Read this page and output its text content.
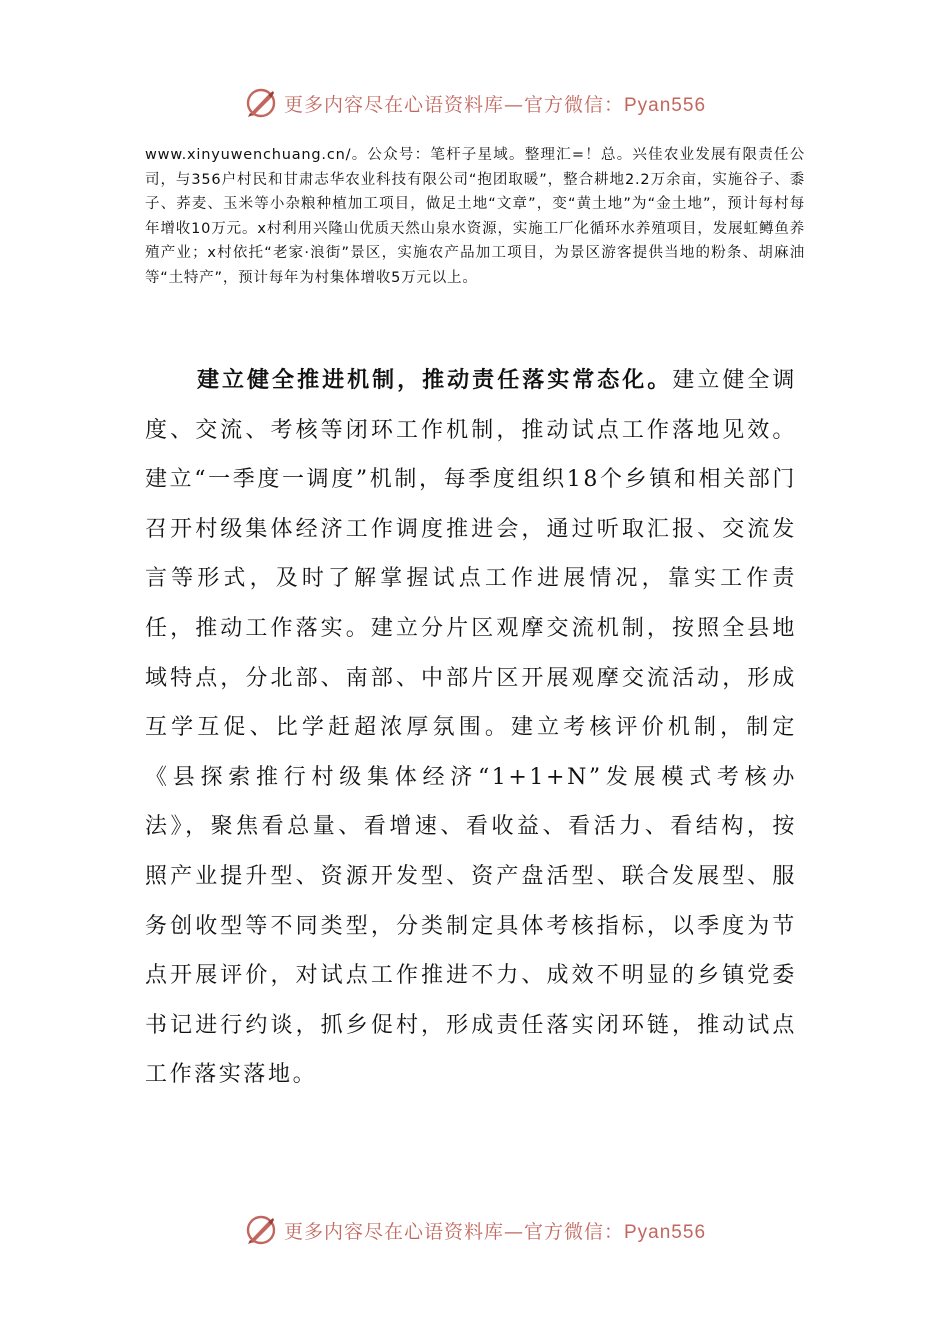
更多内容尽在心语资料库—官方微信：Pyan556

www.xinyuwenchuang.cn/。公众号：笔杆子星域。整理汇=！总。兴佳农业发展有限责任公司，与356户村民和甘肃志华农业科技有限公司“抱团取暖”，整合耕地2.2万余亩，实施谷子、黍子、荞麦、玉米等小杂粮种植加工项目，做足土地“文章”，变“黄土地”为“金土地”，预计每村每年增收10万元。x村利用兴隆山优质天然山泉水资源，实施工厂化循环水养殖项目，发展虹鳟鱼养殖产业；x村依托“老家·浪街”景区，实施农产品加工项目，为景区游客提供当地的粉条、胡麻油等“土特产”，预计每年为村集体增收5万元以上。

建立健全推进机制，推动责任落实常态化。建立健全调度、交流、考核等闭环工作机制，推动试点工作落地见效。建立“一季度一调度”机制，每季度组织18个乡镇和相关部门召开村级集体经济工作调度推进会，通过听取汇报、交流发言等形式，及时了解掌握试点工作进展情况，靠实工作责任，推动工作落实。建立分片区观摩交流机制，按照全县地域特点，分北部、南部、中部片区开展观摩交流活动，形成互学互促、比学赶超浓厚氛围。建立考核评价机制，制定《县探索推行村级集体经济“1+1+N”发展模式考核办法》，聚焦看总量、看增速、看收益、看活力、看结构，按照产业提升型、资源开发型、资产盘活型、联合发展型、服务创收型等不同类型，分类制定具体考核指标，以季度为节点开展评价，对试点工作推进不力、成效不明显的乡镇党委书记进行约谈，抓乡促村，形成责任落实闭环链，推动试点工作落实落地。

更多内容尽在心语资料库—官方微信：Pyan556
